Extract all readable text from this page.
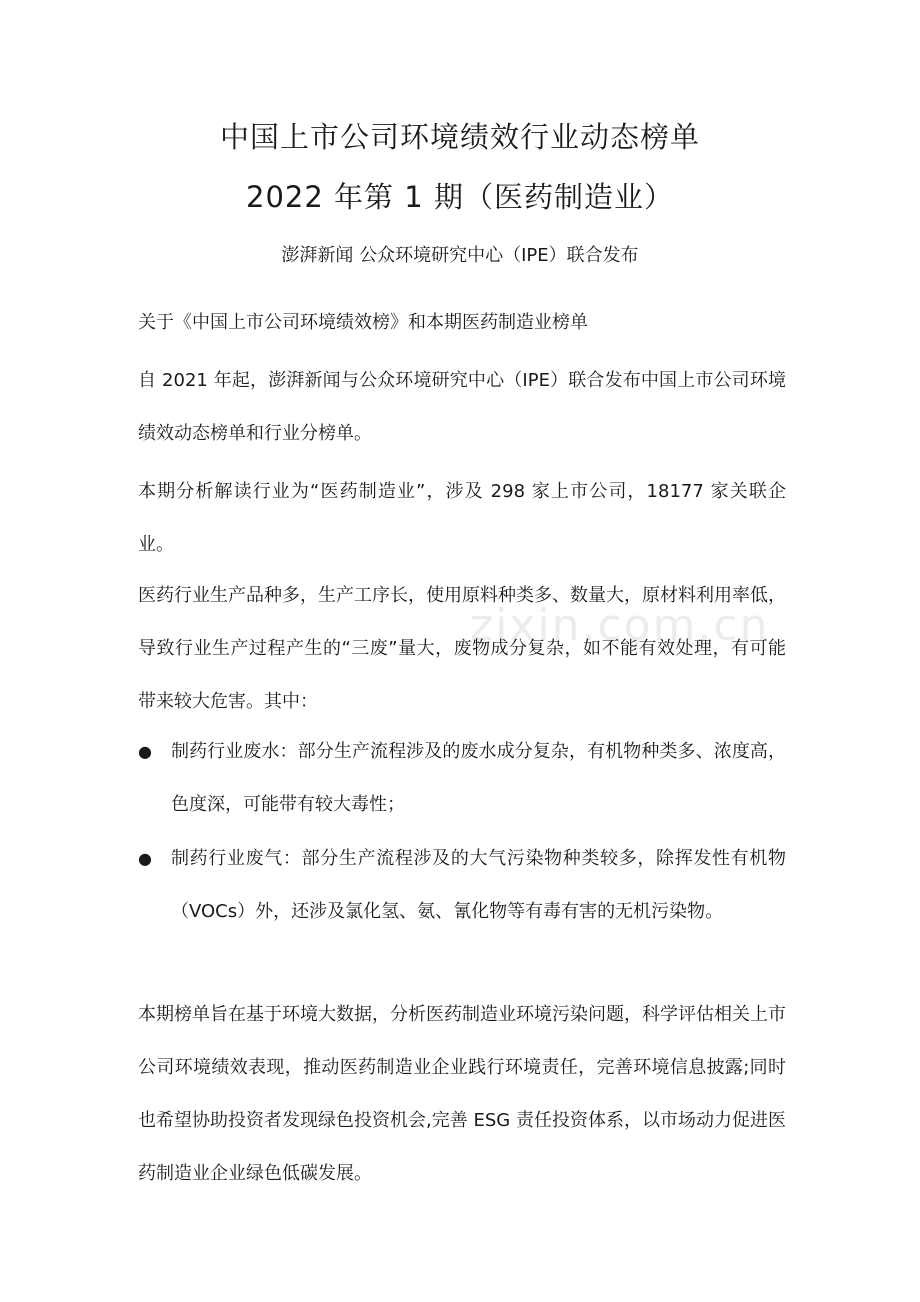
zixin.com.cn
中国上市公司环境绩效行业动态榜单
2022 年第 1 期（医药制造业）

澎湃新闻 公众环境研究中心（IPE）联合发布

关于《中国上市公司环境绩效榜》和本期医药制造业榜单

自 2021 年起，澎湃新闻与公众环境研究中心（IPE）联合发布中国上市公司环境绩效动态榜单和行业分榜单。

本期分析解读行业为“医药制造业”，涉及 298 家上市公司，18177 家关联企业。

医药行业生产品种多，生产工序长，使用原料种类多、数量大，原材料利用率低，导致行业生产过程产生的“三废”量大，废物成分复杂，如不能有效处理，有可能带来较大危害。其中：

●	制药行业废水：部分生产流程涉及的废水成分复杂，有机物种类多、浓度高，色度深，可能带有较大毒性；
●	制药行业废气：部分生产流程涉及的大气污染物种类较多，除挥发性有机物（VOCs）外，还涉及氯化氢、氨、氰化物等有毒有害的无机污染物。

本期榜单旨在基于环境大数据，分析医药制造业环境污染问题，科学评估相关上市公司环境绩效表现，推动医药制造业企业践行环境责任，完善环境信息披露;同时也希望协助投资者发现绿色投资机会,完善 ESG 责任投资体系，以市场动力促进医药制造业企业绿色低碳发展。
